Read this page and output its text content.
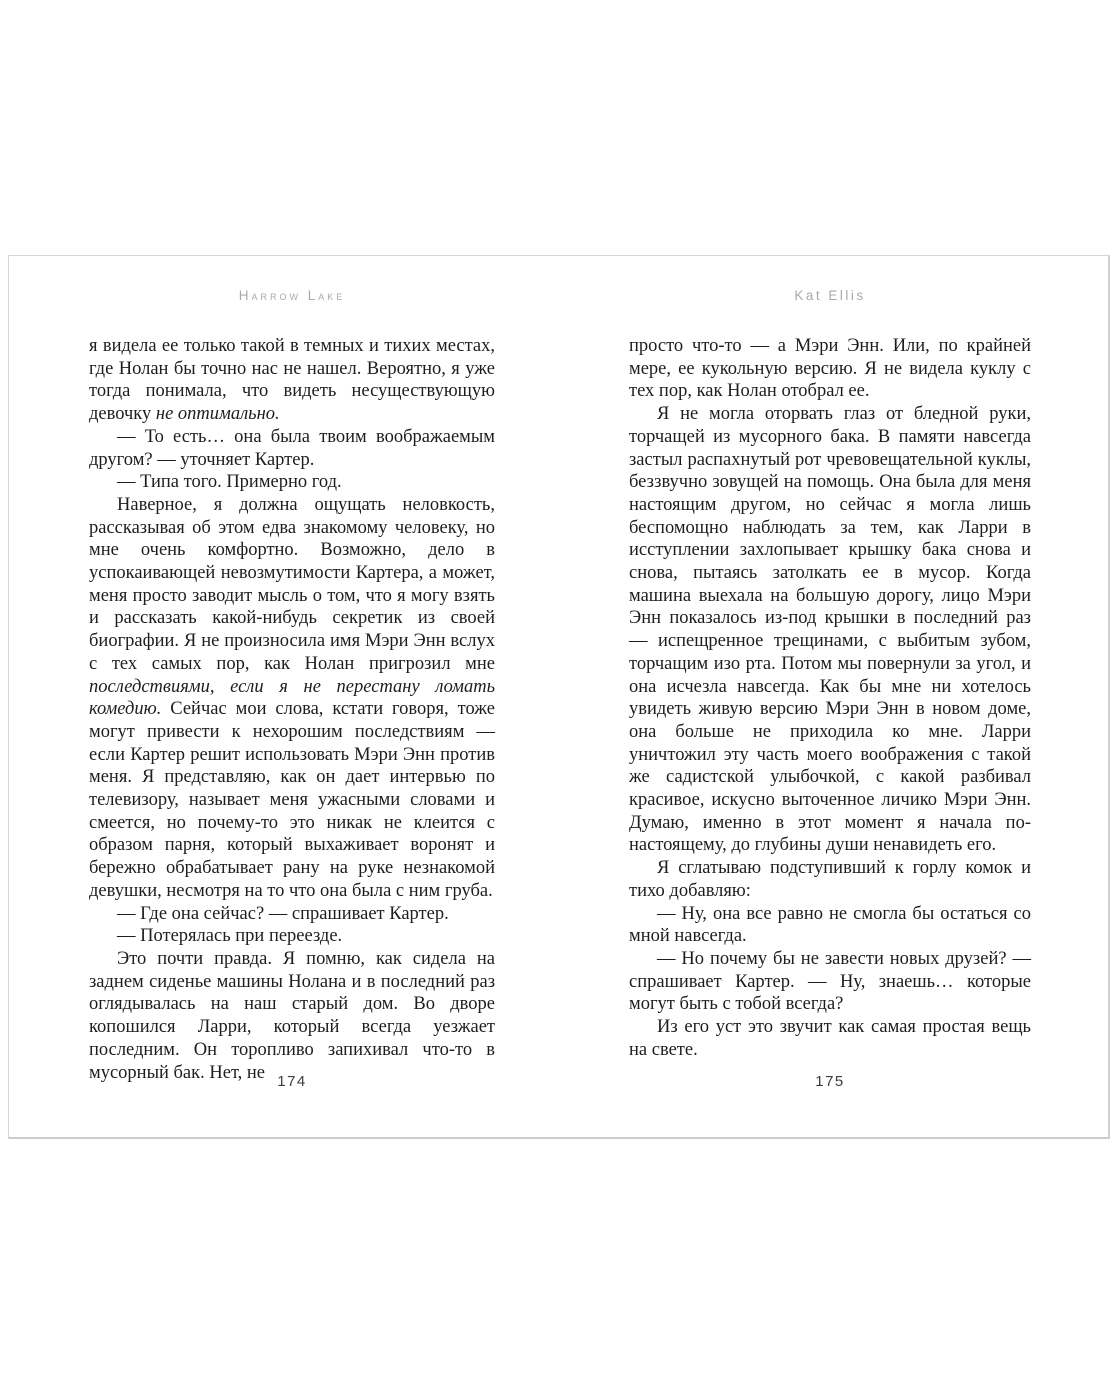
Harrow Lake

я видела ее только такой в темных и тихих местах, где Нолан бы точно нас не нашел. Вероятно, я уже тогда понимала, что видеть несуществующую девочку не оптимально.

— То есть… она была твоим воображаемым другом? — уточняет Картер.

— Типа того. Примерно год.

Наверное, я должна ощущать неловкость, рассказывая об этом едва знакомому человеку, но мне очень комфортно. Возможно, дело в успокаивающей невозмутимости Картера, а может, меня просто заводит мысль о том, что я могу взять и рассказать какой-нибудь секретик из своей биографии. Я не произносила имя Мэри Энн вслух с тех самых пор, как Нолан пригрозил мне последствиями, если я не перестану ломать комедию. Сейчас мои слова, кстати говоря, тоже могут привести к нехорошим последствиям — если Картер решит использовать Мэри Энн против меня. Я представляю, как он дает интервью по телевизору, называет меня ужасными словами и смеется, но почему-то это никак не клеится с образом парня, который выхаживает воронят и бережно обрабатывает рану на руке незнакомой девушки, несмотря на то что она была с ним груба.

— Где она сейчас? — спрашивает Картер.

— Потерялась при переезде.

Это почти правда. Я помню, как сидела на заднем сиденье машины Нолана и в последний раз оглядывалась на наш старый дом. Во дворе копошился Ларри, который всегда уезжает последним. Он торопливо запихивал что-то в мусорный бак. Нет, не 174
Kat Ellis

просто что-то — а Мэри Энн. Или, по крайней мере, ее кукольную версию. Я не видела куклу с тех пор, как Нолан отобрал ее.

Я не могла оторвать глаз от бледной руки, торчащей из мусорного бака. В памяти навсегда застыл распахнутый рот чревовещательной куклы, беззвучно зовущей на помощь. Она была для меня настоящим другом, но сейчас я могла лишь беспомощно наблюдать за тем, как Ларри в исступлении захлопывает крышку бака снова и снова, пытаясь затолкать ее в мусор. Когда машина выехала на большую дорогу, лицо Мэри Энн показалось из-под крышки в последний раз — испещренное трещинами, с выбитым зубом, торчащим изо рта. Потом мы повернули за угол, и она исчезла навсегда. Как бы мне ни хотелось увидеть живую версию Мэри Энн в новом доме, она больше не приходила ко мне. Ларри уничтожил эту часть моего воображения с такой же садистской улыбочкой, с какой разбивал красивое, искусно выточенное личико Мэри Энн. Думаю, именно в этот момент я начала по-настоящему, до глубины души ненавидеть его.

Я сглатываю подступивший к горлу комок и тихо добавляю:

— Ну, она все равно не смогла бы остаться со мной навсегда.

— Но почему бы не завести новых друзей? — спрашивает Картер. — Ну, знаешь… которые могут быть с тобой всегда?

Из его уст это звучит как самая простая вещь на свете.

175
